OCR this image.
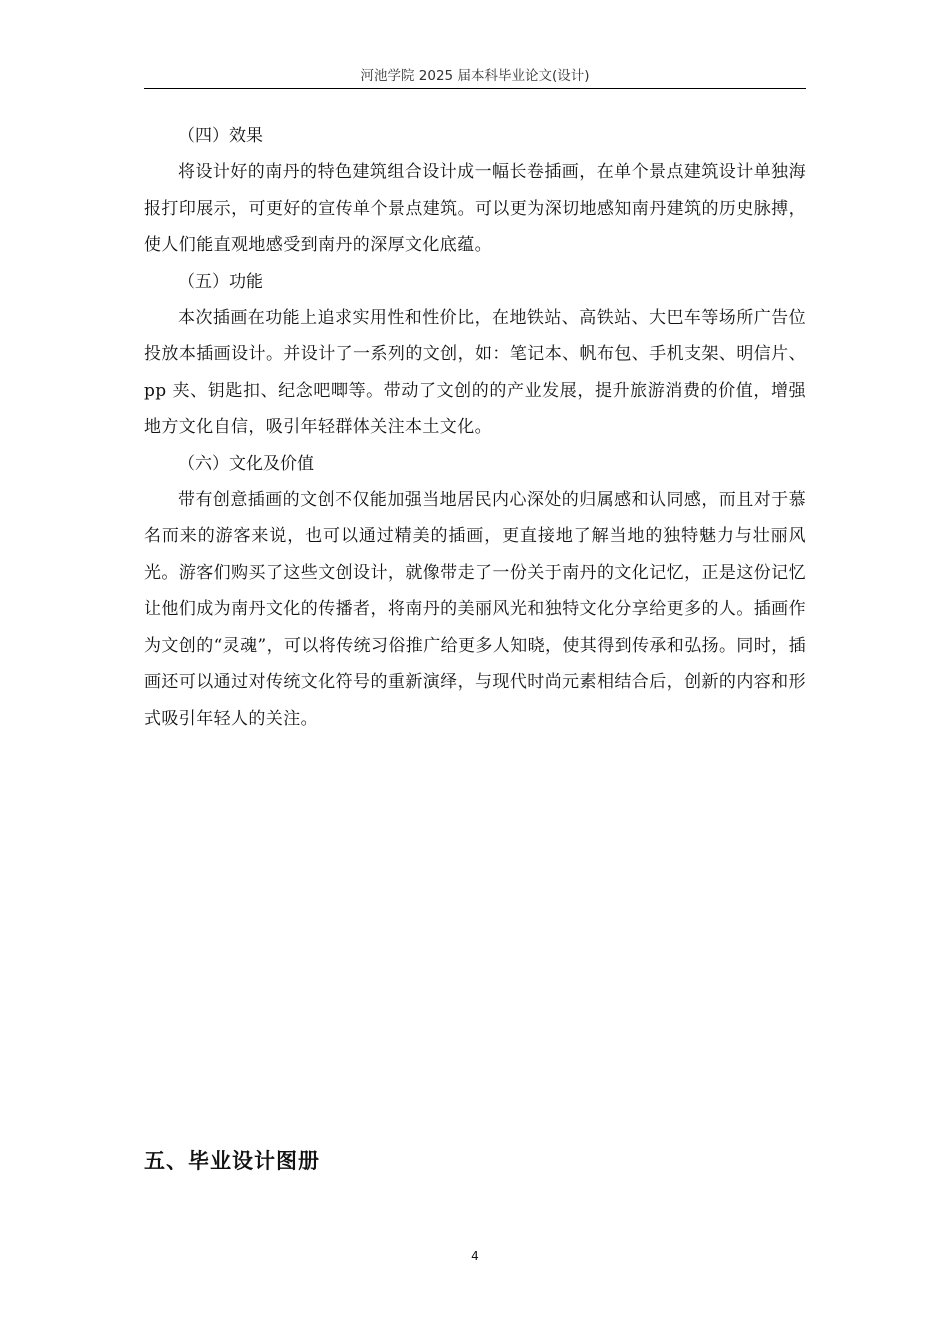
河池学院 2025 届本科毕业论文(设计)
（四）效果

将设计好的南丹的特色建筑组合设计成一幅长卷插画，在单个景点建筑设计单独海报打印展示，可更好的宣传单个景点建筑。可以更为深切地感知南丹建筑的历史脉搏，使人们能直观地感受到南丹的深厚文化底蕴。

（五）功能

本次插画在功能上追求实用性和性价比，在地铁站、高铁站、大巴车等场所广告位投放本插画设计。并设计了一系列的文创，如：笔记本、帆布包、手机支架、明信片、pp 夹、钥匙扣、纪念吧唧等。带动了文创的的产业发展，提升旅游消费的价值，增强地方文化自信，吸引年轻群体关注本土文化。

（六）文化及价值

带有创意插画的文创不仅能加强当地居民内心深处的归属感和认同感，而且对于慕名而来的游客来说，也可以通过精美的插画，更直接地了解当地的独特魅力与壮丽风光。游客们购买了这些文创设计，就像带走了一份关于南丹的文化记忆，正是这份记忆让他们成为南丹文化的传播者，将南丹的美丽风光和独特文化分享给更多的人。插画作为文创的“灵魂”，可以将传统习俗推广给更多人知晓，使其得到传承和弘扬。同时，插画还可以通过对传统文化符号的重新演绎，与现代时尚元素相结合后，创新的内容和形式吸引年轻人的关注。

五、毕业设计图册
4
